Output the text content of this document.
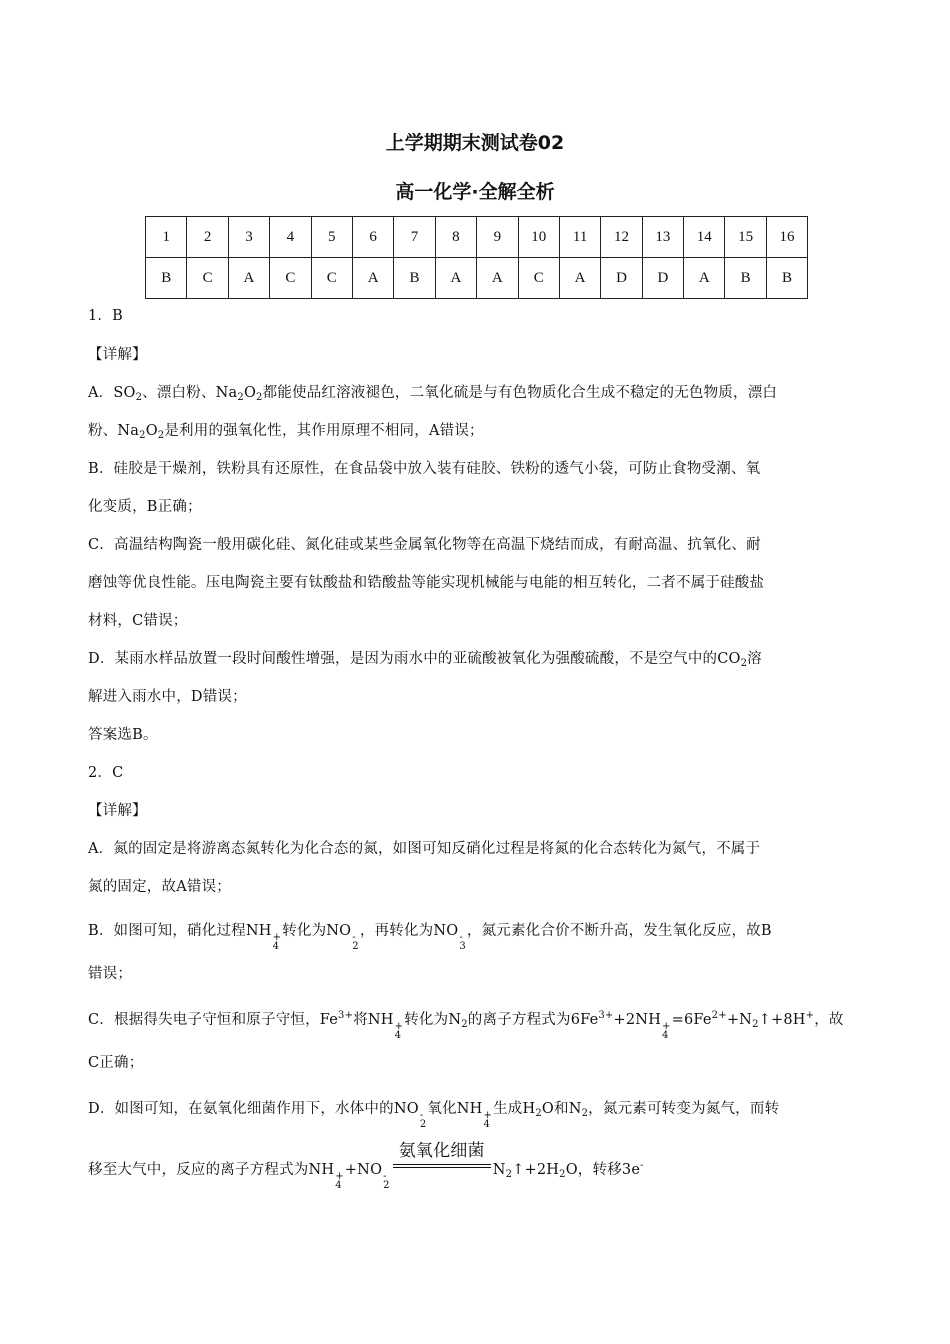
上学期期末测试卷02
高一化学·全解全析
1	2	3	4	5	6	7	8	9	10	11	12	13	14	15	16
B	C	A	C	C	A	B	A	A	C	A	D	D	A	B	B
1．B
【详解】
A．$SO_2$、漂白粉、$Na_2O_2$都能使品红溶液褪色，二氧化硫是与有色物质化合生成不稳定的无色物质，漂白
粉、$Na_2O_2$是利用的强氧化性，其作用原理不相同，A错误；
B．硅胶是干燥剂，铁粉具有还原性，在食品袋中放入装有硅胶、铁粉的透气小袋，可防止食物受潮、氧
化变质，B正确；
C．高温结构陶瓷一般用碳化硅、氮化硅或某些金属氧化物等在高温下烧结而成，有耐高温、抗氧化、耐
磨蚀等优良性能。压电陶瓷主要有钛酸盐和锆酸盐等能实现机械能与电能的相互转化，二者不属于硅酸盐
材料，C错误；
D．某雨水样品放置一段时间酸性增强，是因为雨水中的亚硫酸被氧化为强酸硫酸，不是空气中的$CO_2$溶
解进入雨水中，D错误；
答案选B。
2．C
【详解】
A．氮的固定是将游离态氮转化为化合态的氮，如图可知反硝化过程是将氮的化合态转化为氮气，不属于
氮的固定，故A错误；
B．如图可知，硝化过程NH +
4
转化为NO -
2
，再转化为NO -
3
，氮元素化合价不断升高，发生氧化反应，故B
错误；
C．根据得失电子守恒和原子守恒，$Fe^{3+}$将NH +
4
转化为$N_2$的离子方程式为$6Fe^{3+}+2NH$ +
4
$=6Fe^{2+}+N_2↑+8H^+$，故
C正确；
D．如图可知，在氨氧化细菌作用下，水体中的NO -
2
氧化NH +
4
生成$H_2O$和$N_2$，氮元素可转变为氮气，而转
移至大气中，反应的离子方程式为NH +
4
+NO -
2
氨氧化细菌
$N_2↑+2H_2O$，转移3e-
